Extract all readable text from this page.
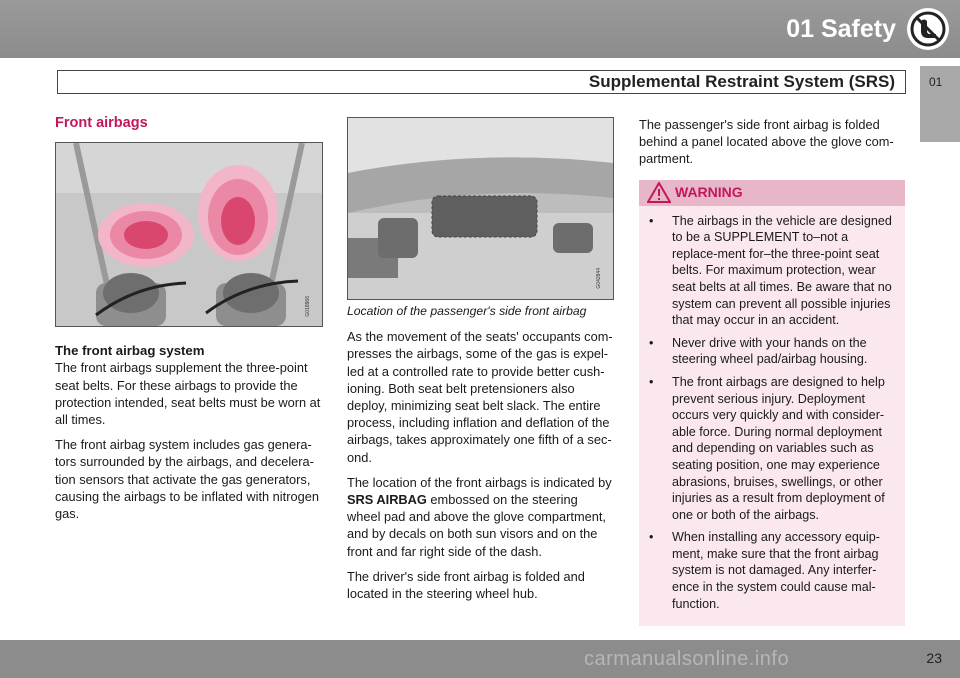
01 Safety
Supplemental Restraint System (SRS)	01
Front airbags
G018966
The front airbag system

The front airbags supplement the three-point seat belts. For these airbags to provide the protection intended, seat belts must be worn at all times.

The front airbag system includes gas genera-tors surrounded by the airbags, and decelera-tion sensors that activate the gas generators, causing the airbags to be inflated with nitrogen gas.

G042844
Location of the passenger's side front airbag

As the movement of the seats' occupants com-presses the airbags, some of the gas is expel-led at a controlled rate to provide better cush-ioning. Both seat belt pretensioners also deploy, minimizing seat belt slack. The entire process, including inflation and deflation of the airbags, takes approximately one fifth of a sec-ond.

The location of the front airbags is indicated by SRS AIRBAG embossed on the steering wheel pad and above the glove compartment, and by decals on both sun visors and on the front and far right side of the dash.

The driver's side front airbag is folded and located in the steering wheel hub.

The passenger's side front airbag is folded behind a panel located above the glove com-partment.

WARNING
• The airbags in the vehicle are designed to be a SUPPLEMENT to–not a replace-ment for–the three-point seat belts. For maximum protection, wear seat belts at all times. Be aware that no system can prevent all possible injuries that may occur in an accident.
• Never drive with your hands on the steering wheel pad/airbag housing.
• The front airbags are designed to help prevent serious injury. Deployment occurs very quickly and with consider-able force. During normal deployment and depending on variables such as seating position, one may experience abrasions, bruises, swellings, or other injuries as a result from deployment of one or both of the airbags.
• When installing any accessory equip-ment, make sure that the front airbag system is not damaged. Any interfer-ence in the system could cause mal-function.
carmanualsonline.info	23
